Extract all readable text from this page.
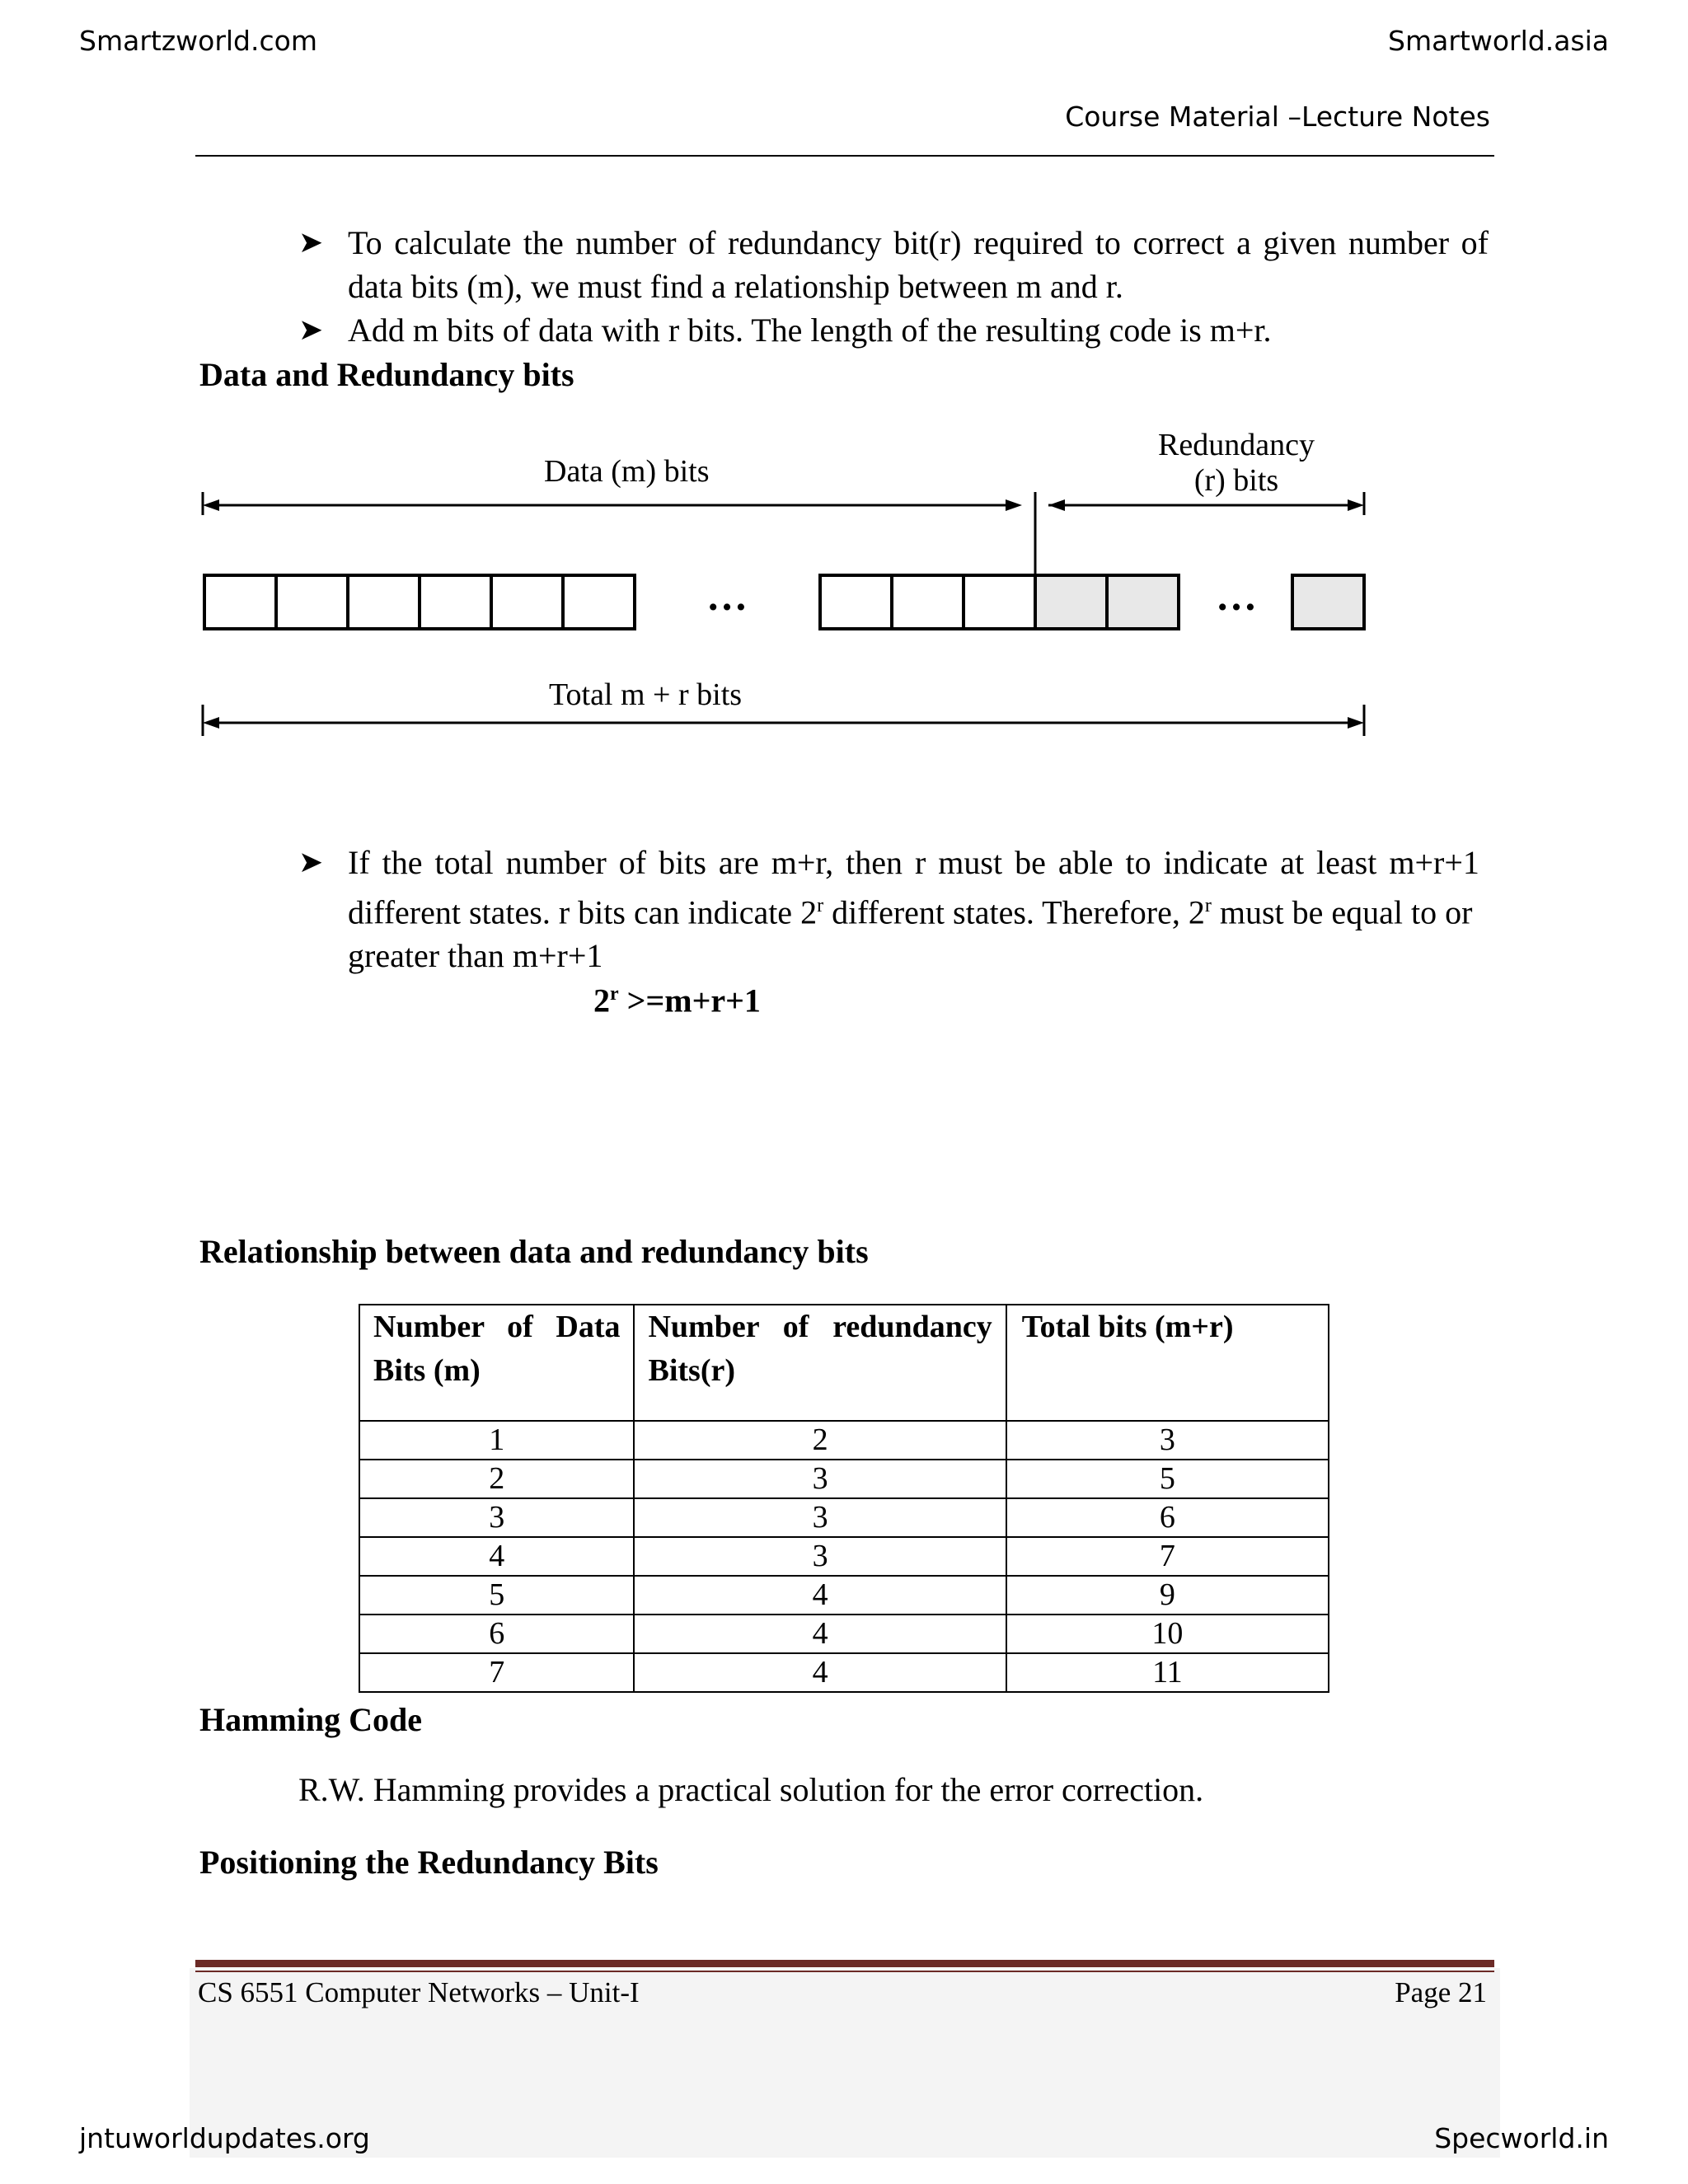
Smartzworld.com	Smartworld.asia
Course Material –Lecture Notes
➤ To calculate the number of redundancy bit(r) required to correct a given number of data bits (m), we must find a relationship between m and r.
➤ Add m bits of data with r bits. The length of the resulting code is m+r.
Data and Redundancy bits
Data (m) bits
Redundancy
(r) bits
Total m + r bits
…	…
➤ If the total number of bits are m+r, then r must be able to indicate at least m+r+1
different states. r bits can indicate 2$^r$ different states. Therefore, 2$^r$ must be equal to or
greater than m+r+1
$2^r >=m+r+1$
Relationship between data and redundancy bits
Number of Data Bits (m)	Number of redundancy Bits(r)	Total bits (m+r)
1	2	3
2	3	5
3	3	6
4	3	7
5	4	9
6	4	10
7	4	11
Hamming Code
R.W. Hamming provides a practical solution for the error correction.
Positioning the Redundancy Bits
CS 6551 Computer Networks – Unit-I	Page 21
jntuworldupdates.org	Specworld.in
